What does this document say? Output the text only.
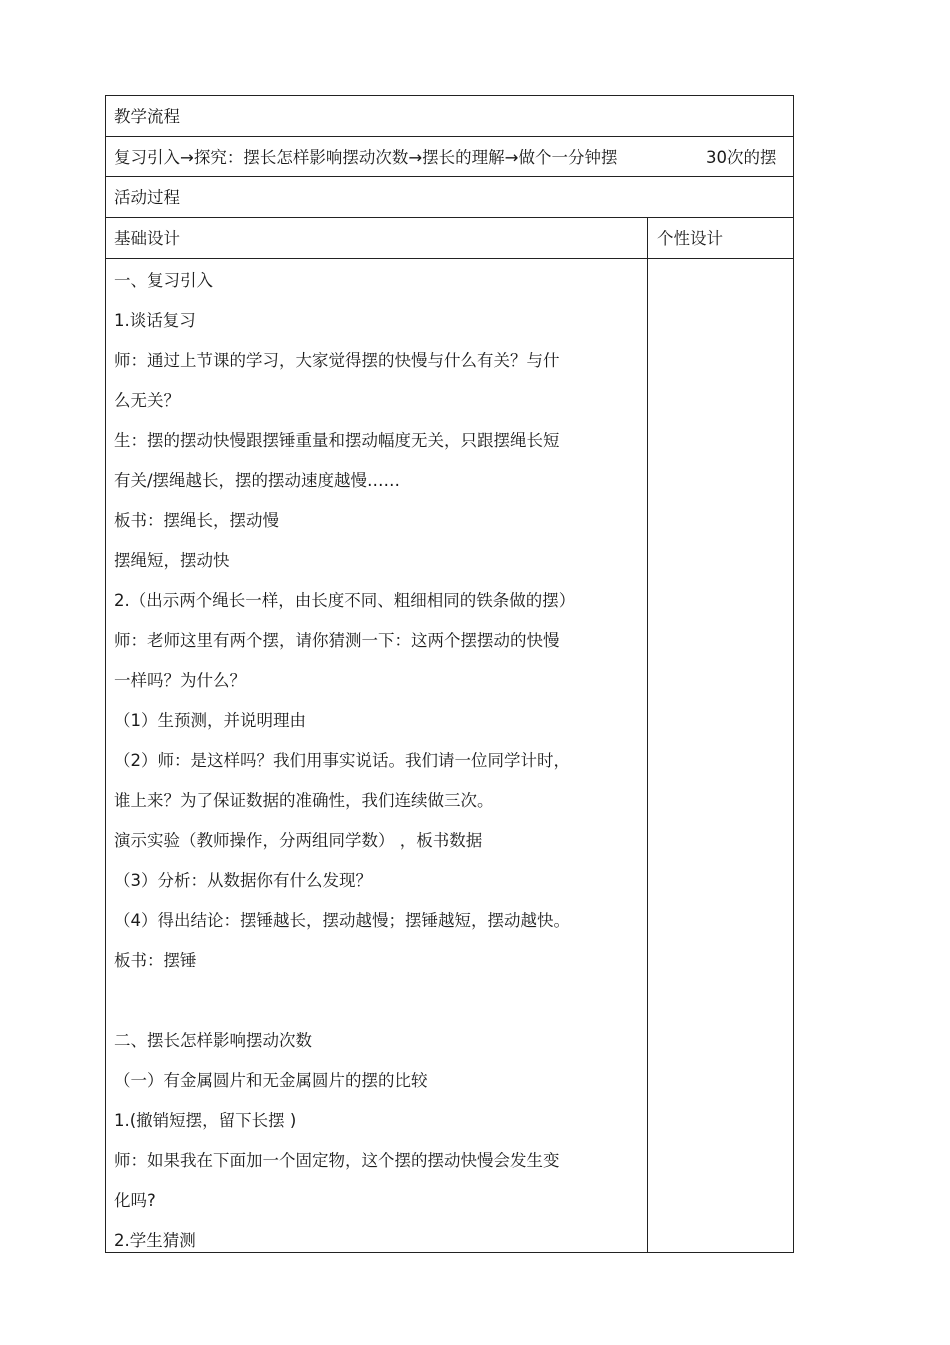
教学流程
复习引入→探究：摆长怎样影响摆动次数→摆长的理解→做个一分钟摆	30次的摆
活动过程
基础设计	个性设计
一、复习引入
1.谈话复习
师：通过上节课的学习，大家觉得摆的快慢与什么有关？与什
么无关？
生：摆的摆动快慢跟摆锤重量和摆动幅度无关，只跟摆绳长短
有关/摆绳越长，摆的摆动速度越慢……
板书：摆绳长，摆动慢
摆绳短，摆动快
2.（出示两个绳长一样，由长度不同、粗细相同的铁条做的摆）
师：老师这里有两个摆，请你猜测一下：这两个摆摆动的快慢
一样吗？为什么？
（1）生预测，并说明理由
（2）师：是这样吗？我们用事实说话。我们请一位同学计时，
谁上来？为了保证数据的准确性，我们连续做三次。
演示实验（教师操作，分两组同学数） ，板书数据
（3）分析：从数据你有什么发现？
（4）得出结论：摆锤越长，摆动越慢；摆锤越短，摆动越快。
板书：摆锤
二、摆长怎样影响摆动次数
（一）有金属圆片和无金属圆片的摆的比较
1.(撤销短摆，留下长摆 )
师：如果我在下面加一个固定物，这个摆的摆动快慢会发生变
化吗?
2.学生猜测
